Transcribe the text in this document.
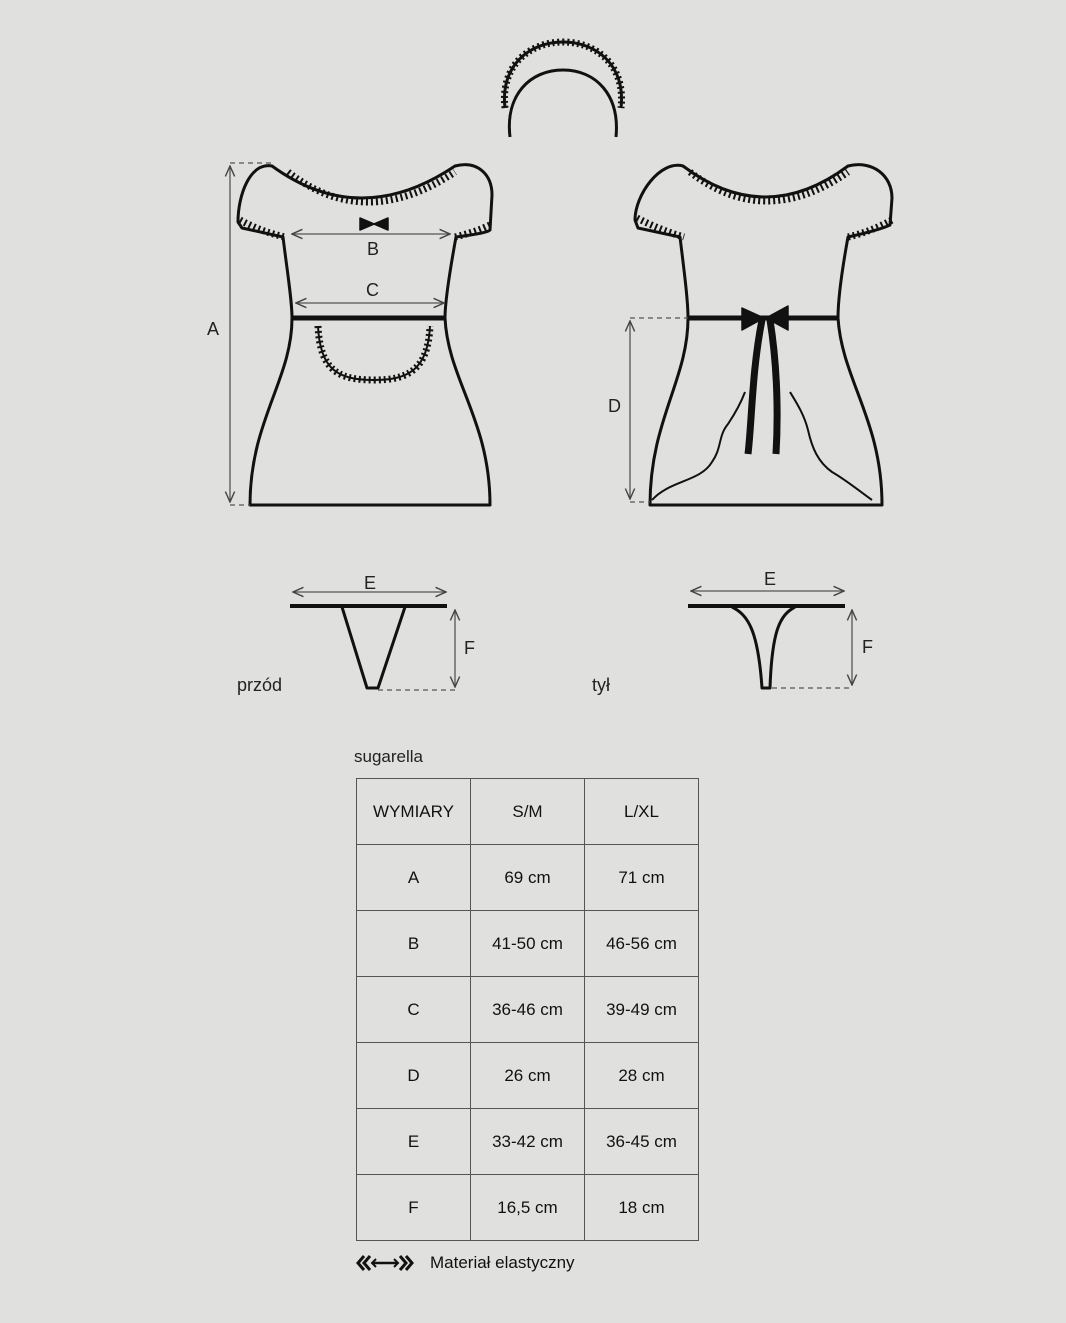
A
B
C
D
E
F
przód
E
F
tył
sugarella
WYMIARY	S/M	L/XL
A	69 cm	71 cm
B	41-50 cm	46-56 cm
C	36-46 cm	39-49 cm
D	26 cm	28 cm
E	33-42 cm	36-45 cm
F	16,5 cm	18 cm
Materiał elastyczny
